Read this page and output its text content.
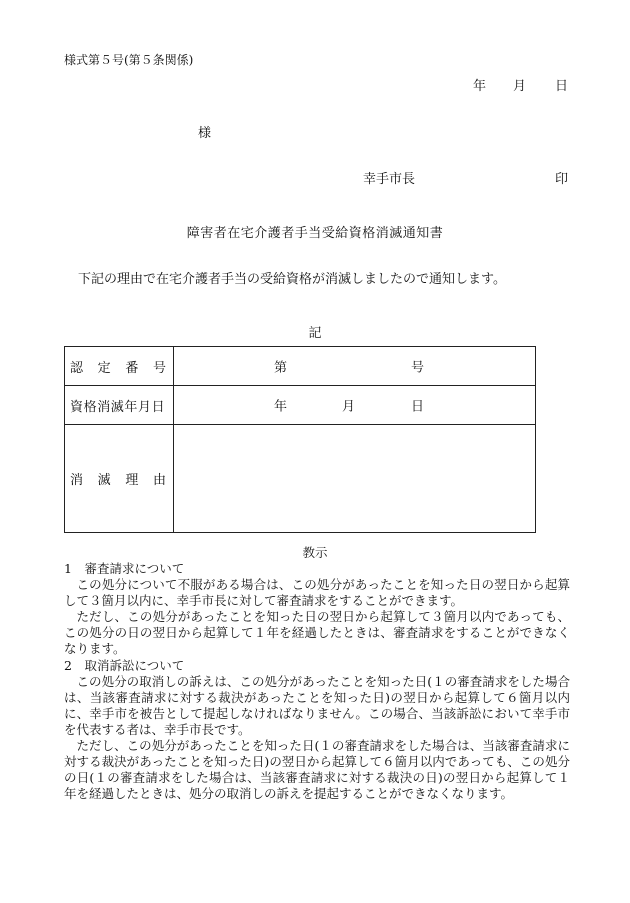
様式第５号(第５条関係)
年 月 日
様
幸手市長	印
障害者在宅介護者手当受給資格消滅通知書
下記の理由で在宅介護者手当の受給資格が消滅しましたので通知します。
記
認 定 番 号	第 号

資格消滅年月日	年 月 日

消 滅 理 由	

教示

1　審査請求について

この処分について不服がある場合は、この処分があったことを知った日の翌日から起算して３箇月以内に、幸手市長に対して審査請求をすることができます。

ただし、この処分があったことを知った日の翌日から起算して３箇月以内であっても、この処分の日の翌日から起算して１年を経過したときは、審査請求をすることができなくなります。

2　取消訴訟について

この処分の取消しの訴えは、この処分があったことを知った日(１の審査請求をした場合は、当該審査請求に対する裁決があったことを知った日)の翌日から起算して６箇月以内に、幸手市を被告として提起しなければなりません。この場合、当該訴訟において幸手市を代表する者は、幸手市長です。

ただし、この処分があったことを知った日(１の審査請求をした場合は、当該審査請求に対する裁決があったことを知った日)の翌日から起算して６箇月以内であっても、この処分の日(１の審査請求をした場合は、当該審査請求に対する裁決の日)の翌日から起算して１年を経過したときは、処分の取消しの訴えを提起することができなくなります。
